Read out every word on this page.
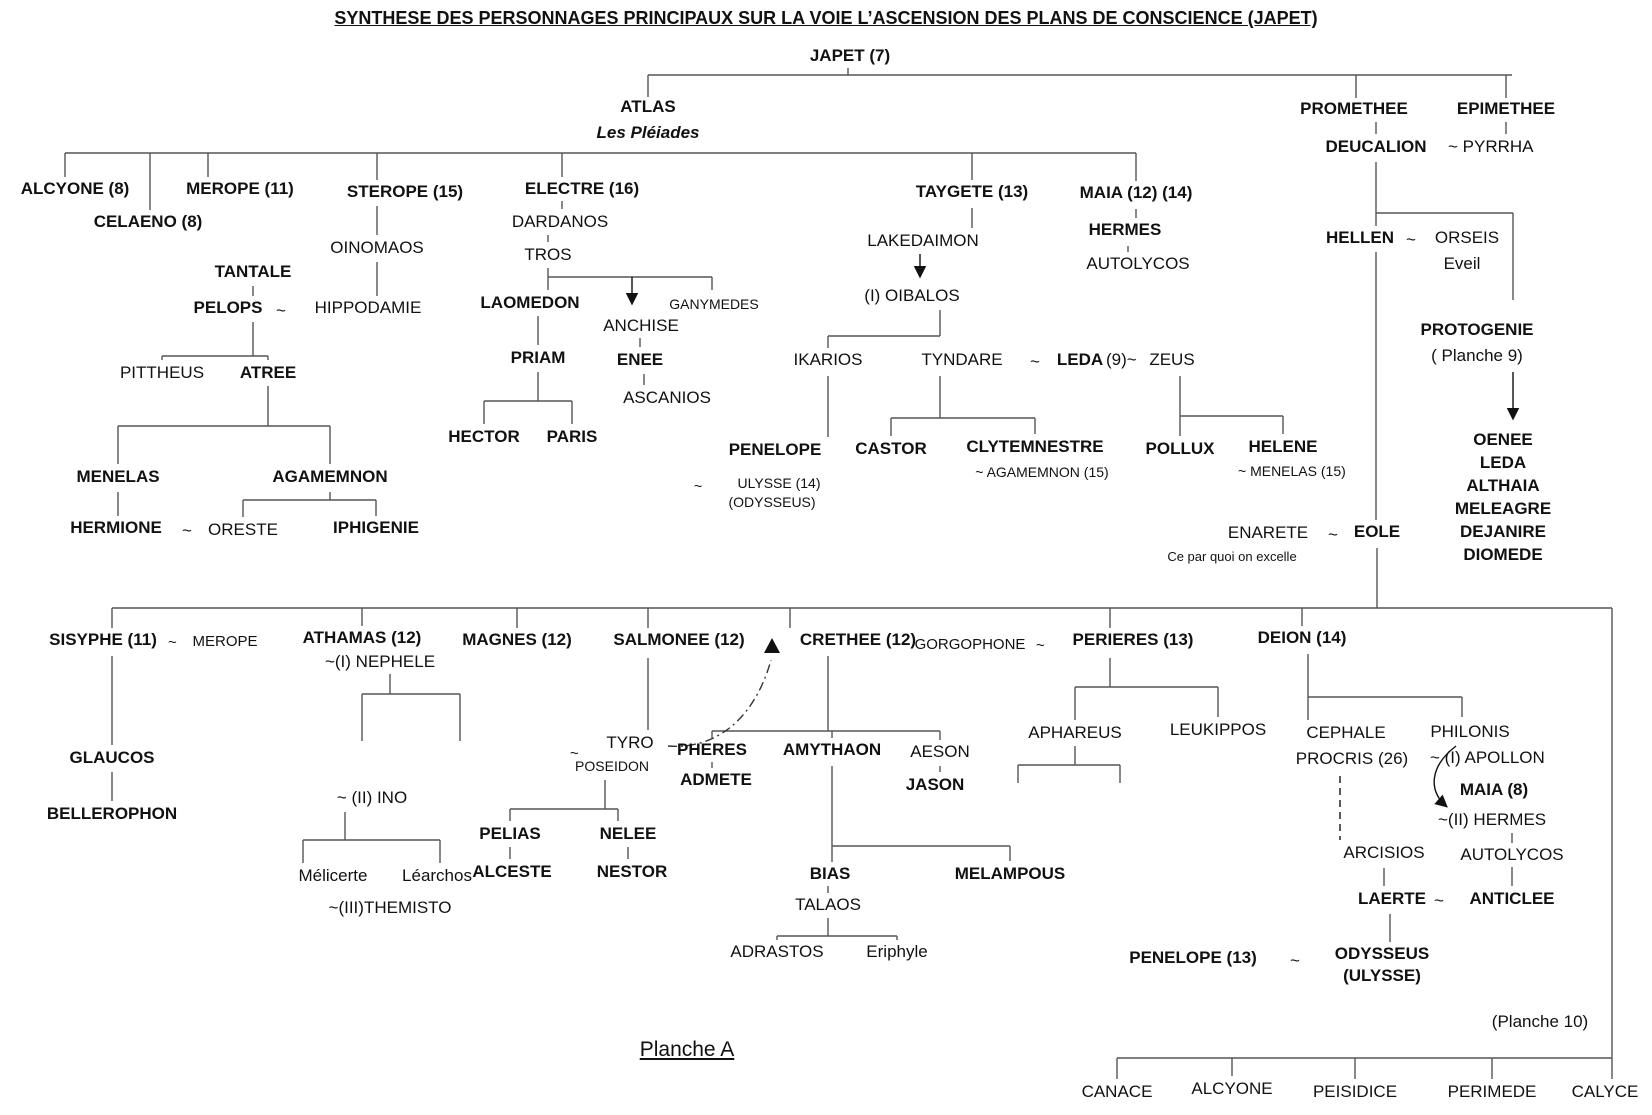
SYNTHESE DES PERSONNAGES PRINCIPAUX SUR LA VOIE L’ASCENSION DES PLANS DE CONSCIENCE (JAPET)
JAPET (7)
ATLAS
Les Pléiades
PROMETHEE	EPIMETHEE
DEUCALION ~ PYRRHA
ALCYONE (8)
CELAENO (8)
MEROPE (11)	STEROPE (15)	ELECTRE (16)	TAYGETE (13)	MAIA (12) (14)
HELLEN ~ ORSEIS
Eveil
OINOMAOS
DARDANOS
TROS
TANTALE
PELOPS ~ HIPPODAMIE	LAOMEDON	GANYMEDES
ANCHISE
LAKEDAIMON
HERMES
AUTOLYCOS
(I) OIBALOS
PROTOGENIE
( Planche 9)
PRIAM	ENEE
ASCANIOS
HECTOR PARIS
PITTHEUS ATREE
IKARIOS	TYNDARE ~ LEDA (9)~ ZEUS
PENELOPE
~	ULYSSE (14)
(ODYSSEUS)
CASTOR CLYTEMNESTRE
~ AGAMEMNON (15)
POLLUX HELENE
~ MENELAS (15)
MENELAS	AGAMEMNON
HERMIONE ~ ORESTE	IPHIGENIE
OENEE
LEDA
ALTHAIA
MELEAGRE
DEJANIRE
DIOMEDE
ENARETE ~ EOLE
Ce par quoi on excelle
SISYPHE (11) ~ MEROPE	ATHAMAS (12)
~(I) NEPHELE
MAGNES (12) SALMONEE (12)	CRETHEE (12)
GORGOPHONE ~ PERIERES (13)	DEION (14)
GLAUCOS
BELLEROPHON
TYRO
~
POSEIDON
PHERES AMYTHAON AESON
ADMETE	JASON
APHAREUS	LEUKIPPOS CEPHALE	PHILONIS
PROCRIS (26) ~ (I) APOLLON
MAIA (8)
~(II) HERMES
AUTOLYCOS
~ (II) INO
PELIAS	NELEE
ALCESTE	NESTOR
Mélicerte Léarchos
~(III)THEMISTO
ARCISIOS
BIAS
TALAOS
MELAMPOUS
ADRASTOS	Eriphyle
LAERTE ~ ANTICLEE
PENELOPE (13) ~ ODYSSEUS
(ULYSSE)
(Planche 10)
Planche A
CANACE ALCYONE PEISIDICE	PERIMEDE CALYCE
